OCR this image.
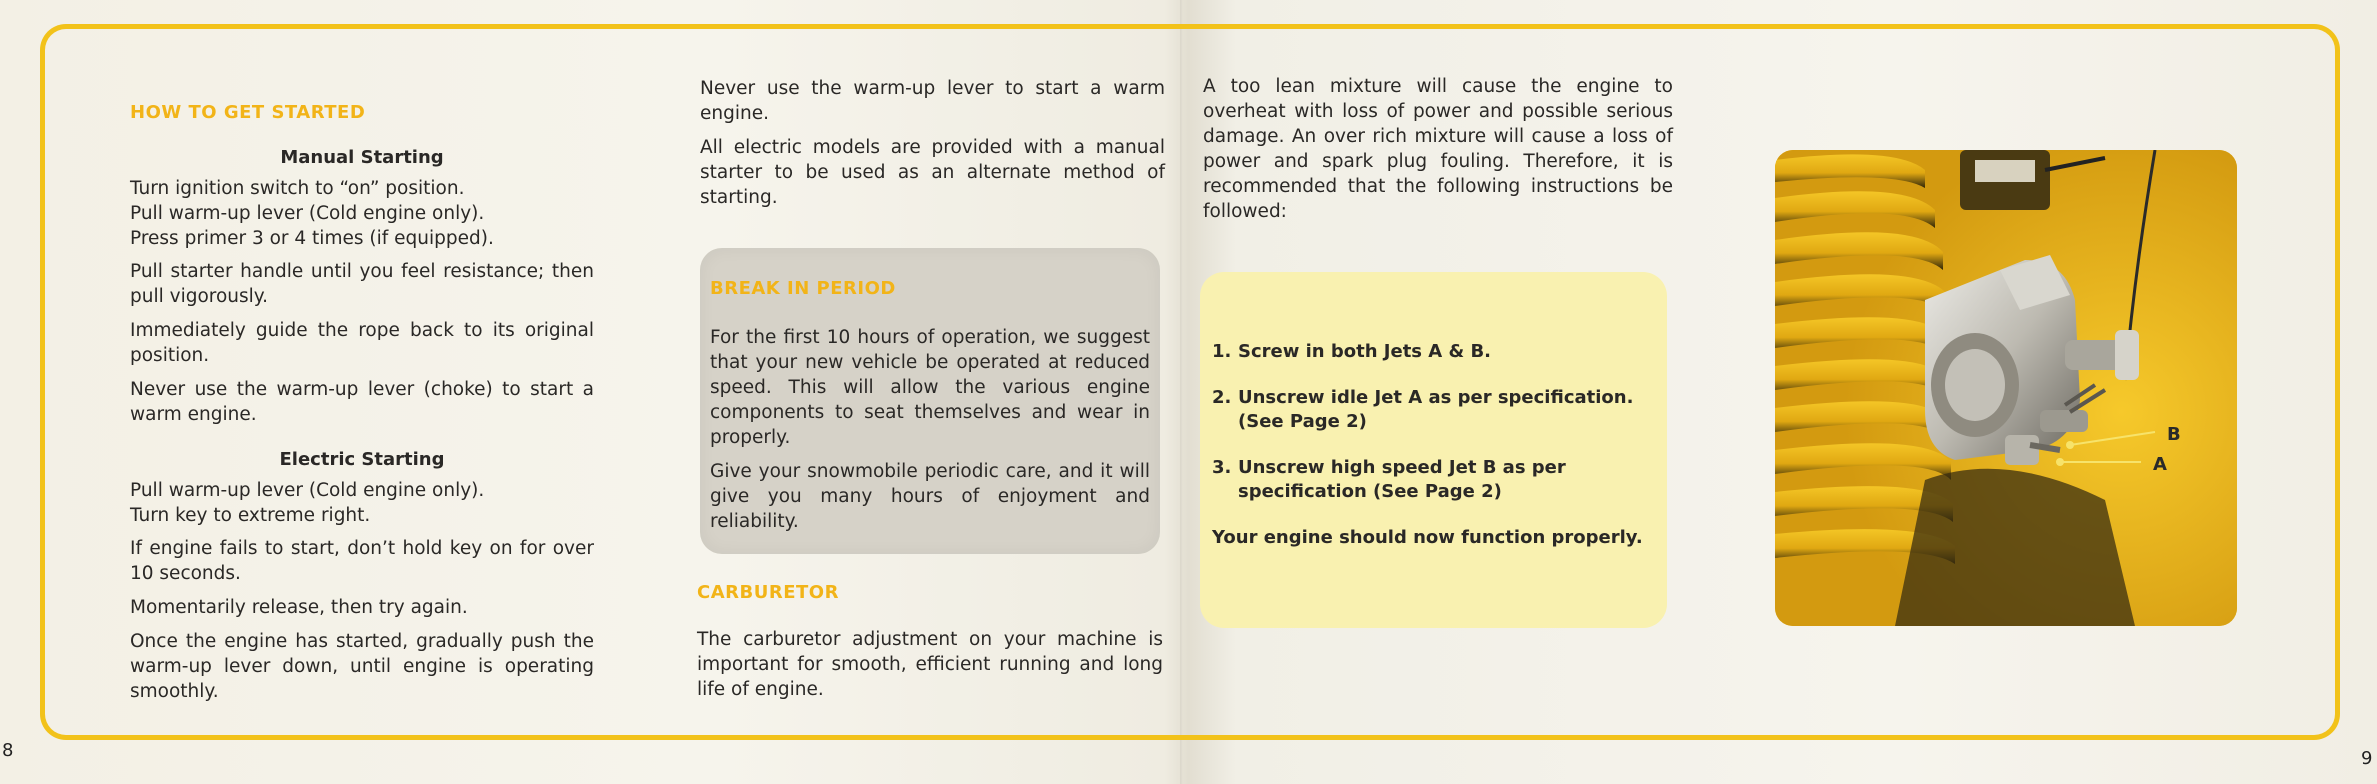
8	9
HOW TO GET STARTED
Manual Starting

Turn ignition switch to “on” position.

Pull warm-up lever (Cold engine only).

Press primer 3 or 4 times (if equipped).

Pull starter handle until you feel resistance; then pull vigorously.

Immediately guide the rope back to its original position.

Never use the warm-up lever (choke) to start a warm engine.

Electric Starting

Pull warm-up lever (Cold engine only).

Turn key to extreme right.

If engine fails to start, don’t hold key on for over 10 seconds.

Momentarily release, then try again.

Once the engine has started, gradually push the warm-up lever down, until engine is operating smoothly.

Never use the warm-up lever to start a warm engine.

All electric models are provided with a manual starter to be used as an alternate method of starting.

BREAK IN PERIOD

For the first 10 hours of operation, we suggest that your new vehicle be operated at reduced speed. This will allow the various engine components to seat themselves and wear in properly.

Give your snowmobile periodic care, and it will give you many hours of enjoyment and reliability.

CARBURETOR

The carburetor adjustment on your machine is important for smooth, efficient running and long life of engine.

A too lean mixture will cause the engine to overheat with loss of power and possible serious damage. An over rich mixture will cause a loss of power and spark plug fouling. Therefore, it is recommended that the following instructions be followed:

1. Screw in both Jets A & B.
2. Unscrew idle Jet A as per specification. (See Page 2)
3. Unscrew high speed Jet B as per specification (See Page 2)
Your engine should now function properly.
B
A
